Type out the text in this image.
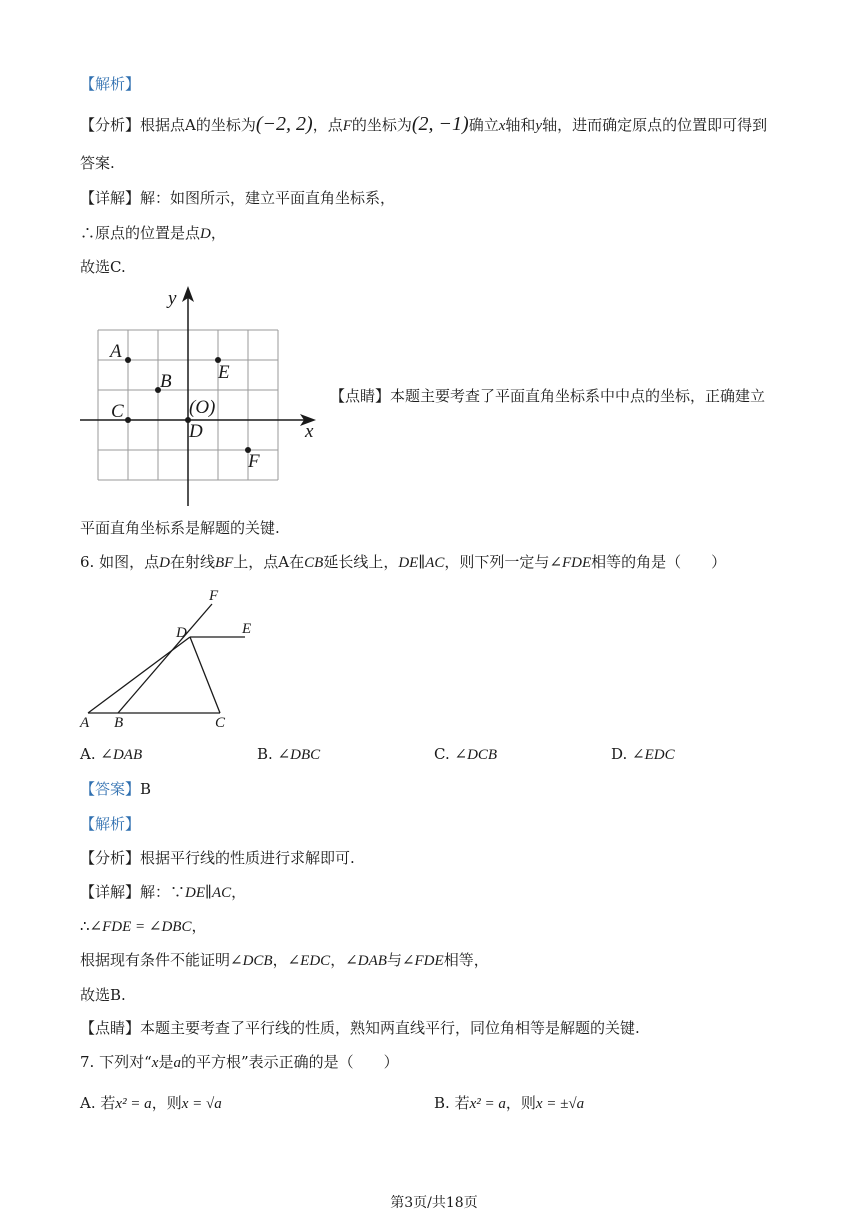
【解析】
【分析】根据点A的坐标为(−2, 2)，点F的坐标为(2, −1)确立x轴和y轴，进而确定原点的位置即可得到
答案.
【详解】解：如图所示，建立平面直角坐标系，
∴原点的位置是点D，
故选C.
y
x
A
B E
C	(O)
D
F
【点睛】本题主要考查了平面直角坐标系中中点的坐标，正确建立
平面直角坐标系是解题的关键.
6. 如图，点D在射线BF上，点A在CB延长线上，DE∥AC，则下列一定与∠FDE相等的角是（　　）
F
E
D
A B	C
A. ∠DAB	B. ∠DBC	C. ∠DCB	D. ∠EDC
【答案】B
【解析】
【分析】根据平行线的性质进行求解即可.
【详解】解：∵DE∥AC，
∴∠FDE = ∠DBC，
根据现有条件不能证明∠DCB，∠EDC，∠DAB与∠FDE相等，
故选B.
【点睛】本题主要考查了平行线的性质，熟知两直线平行，同位角相等是解题的关键.
7. 下列对“x是a的平方根”表示正确的是（　　）
A. 若x² = a，则x = √a	B. 若x² = a，则x = ±√a
第3页/共18页
